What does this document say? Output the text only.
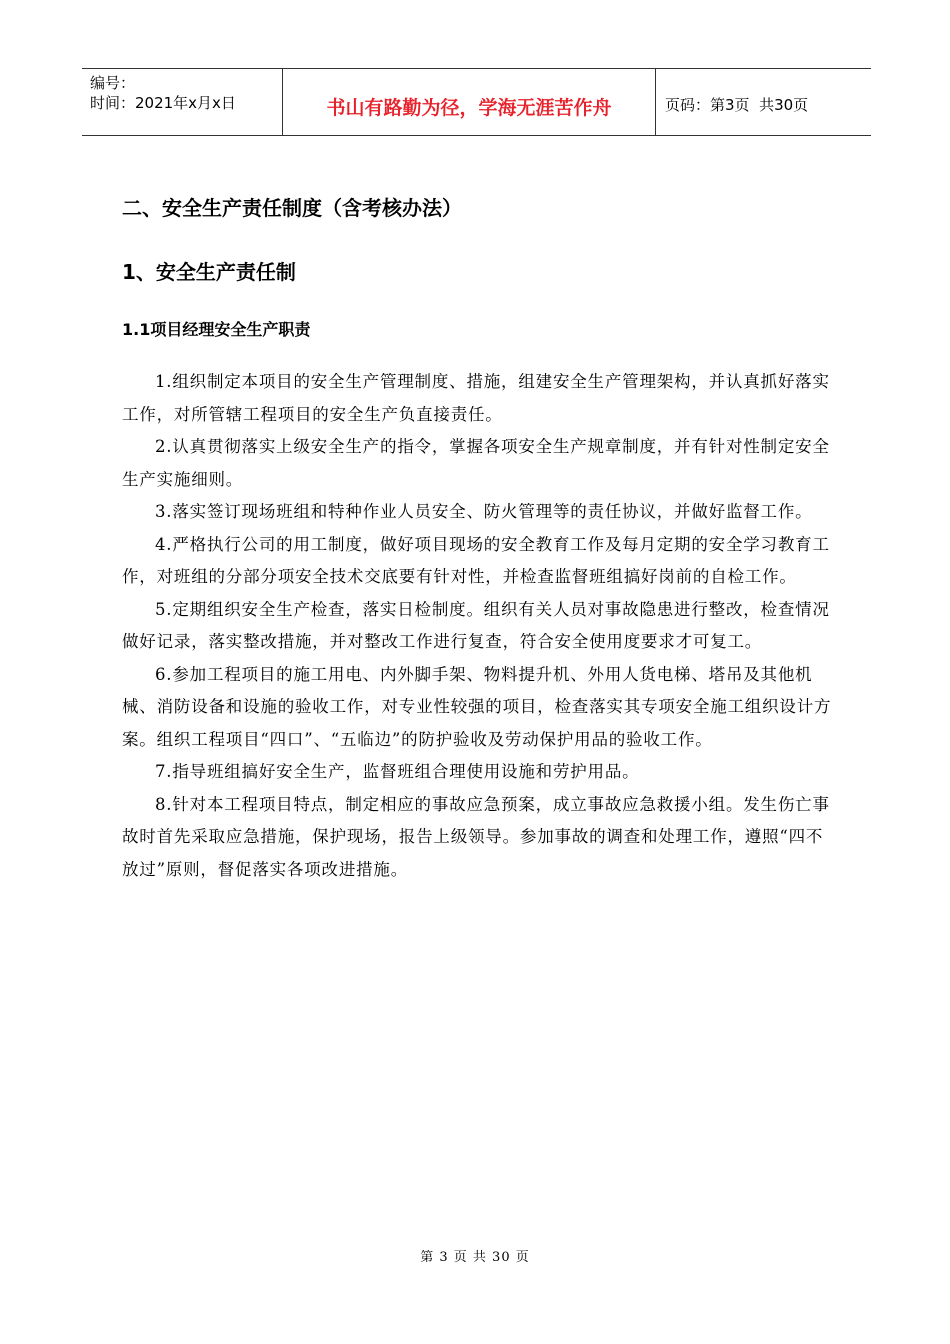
编号：
时间：2021年x月x日	书山有路勤为径，学海无涯苦作舟	页码：第3页  共30页
二、安全生产责任制度（含考核办法）
1、安全生产责任制
1.1项目经理安全生产职责

1.组织制定本项目的安全生产管理制度、措施，组建安全生产管理架构，并认真抓好落实工作，对所管辖工程项目的安全生产负直接责任。

2.认真贯彻落实上级安全生产的指令，掌握各项安全生产规章制度，并有针对性制定安全生产实施细则。

3.落实签订现场班组和特种作业人员安全、防火管理等的责任协议，并做好监督工作。

4.严格执行公司的用工制度，做好项目现场的安全教育工作及每月定期的安全学习教育工作，对班组的分部分项安全技术交底要有针对性，并检查监督班组搞好岗前的自检工作。

5.定期组织安全生产检查，落实日检制度。组织有关人员对事故隐患进行整改，检查情况做好记录，落实整改措施，并对整改工作进行复查，符合安全使用度要求才可复工。

6.参加工程项目的施工用电、内外脚手架、物料提升机、外用人货电梯、塔吊及其他机械、消防设备和设施的验收工作，对专业性较强的项目，检查落实其专项安全施工组织设计方案。组织工程项目“四口”、“五临边”的防护验收及劳动保护用品的验收工作。

7.指导班组搞好安全生产，监督班组合理使用设施和劳护用品。

8.针对本工程项目特点，制定相应的事故应急预案，成立事故应急救援小组。发生伤亡事故时首先采取应急措施，保护现场，报告上级领导。参加事故的调查和处理工作，遵照“四不放过”原则，督促落实各项改进措施。

第 3 页 共 30 页
